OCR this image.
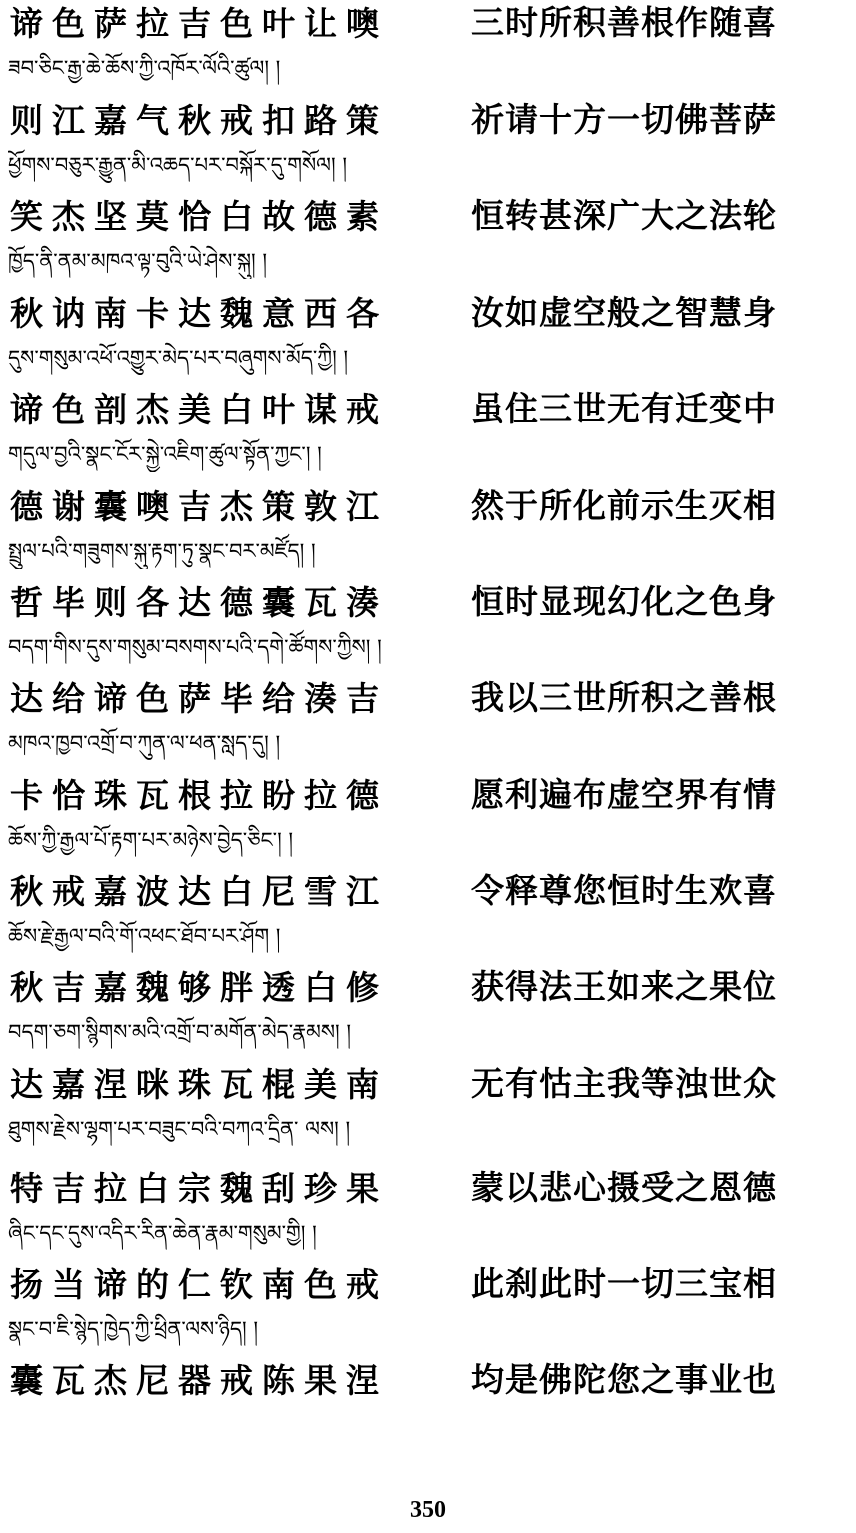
谛色萨拉吉色叶让噢	三时所积善根作随喜
ཟབ་ཅིང་རྒྱ་ཆེ་ཆོས་ཀྱི་འཁོར་ལོའི་ཚུལ། །
则江嘉气秋戒扣路策	祈请十方一切佛菩萨
ཕྱོགས་བཅུར་རྒྱུན་མི་འཆད་པར་བསྐོར་དུ་གསོལ། །
笑杰坚莫恰白故德素	恒转甚深广大之法轮
ཁྱོད་ནི་ནམ་མཁའ་ལྟ་བུའི་ཡེ་ཤེས་སྐུ། །
秋讷南卡达魏意西各	汝如虚空般之智慧身
དུས་གསུམ་འཕོ་འགྱུར་མེད་པར་བཞུགས་མོད་ཀྱི། །
谛色剖杰美白叶谋戒	虽住三世无有迁变中
གདུལ་བྱའི་སྣང་ངོར་སྐྱེ་འཇིག་ཚུལ་སྟོན་ཀྱང་། །
德谢囊噢吉杰策敦江	然于所化前示生灭相
སྤྲུལ་པའི་གཟུགས་སྐུ་རྟག་ཏུ་སྣང་བར་མཛོད། །
哲毕则各达德囊瓦湊	恒时显现幻化之色身
བདག་གིས་དུས་གསུམ་བསགས་པའི་དགེ་ཚོགས་ཀྱིས། །
达给谛色萨毕给湊吉	我以三世所积之善根
མཁའ་ཁྱབ་འགྲོ་བ་ཀུན་ལ་ཕན་སླད་དུ། །
卡恰珠瓦根拉盼拉德	愿利遍布虚空界有情
ཆོས་ཀྱི་རྒྱལ་པོ་རྟག་པར་མཉེས་བྱེད་ཅིང་། །
秋戒嘉波达白尼雪江	令释尊您恒时生欢喜
ཆོས་རྗེ་རྒྱལ་བའི་གོ་འཕང་ཐོབ་པར་ཤོག །
秋吉嘉魏够胖透白修	获得法王如来之果位
བདག་ཅག་སྙིགས་མའི་འགྲོ་བ་མགོན་མེད་རྣམས། །
达嘉涅咪珠瓦棍美南	无有怙主我等浊世众
ཐུགས་རྗེས་ལྷག་པར་བཟུང་བའི་བཀའ་དྲིན་ ལས། །
特吉拉白宗魏刮珍果	蒙以悲心摄受之恩德
ཞིང་དང་དུས་འདིར་རིན་ཆེན་རྣམ་གསུམ་གྱི། །
扬当谛的仁钦南色戒	此刹此时一切三宝相
སྣང་བ་ཇི་སྙེད་ཁྱེད་ཀྱི་ཕྲིན་ལས་ཉིད། །
囊瓦杰尼器戒陈果涅	均是佛陀您之事业也
350
